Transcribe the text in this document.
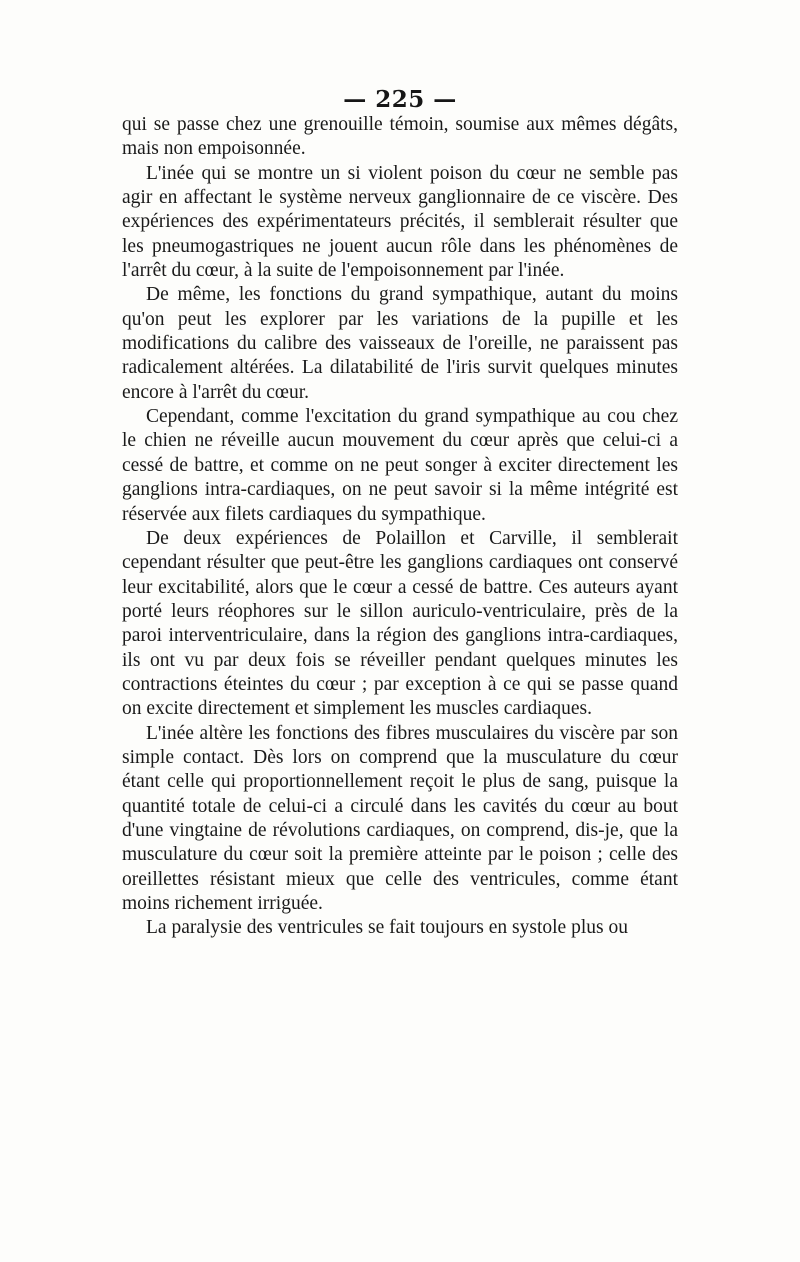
— 225 —

qui se passe chez une grenouille témoin, soumise aux mêmes dégâts, mais non empoisonnée.

L'inée qui se montre un si violent poison du cœur ne semble pas agir en affectant le système nerveux ganglionnaire de ce viscère. Des expériences des expérimentateurs précités, il semblerait résulter que les pneumogastriques ne jouent aucun rôle dans les phénomènes de l'arrêt du cœur, à la suite de l'empoisonnement par l'inée.

De même, les fonctions du grand sympathique, autant du moins qu'on peut les explorer par les variations de la pupille et les modifications du calibre des vaisseaux de l'oreille, ne paraissent pas radicalement altérées. La dilatabilité de l'iris survit quelques minutes encore à l'arrêt du cœur.

Cependant, comme l'excitation du grand sympathique au cou chez le chien ne réveille aucun mouvement du cœur après que celui-ci a cessé de battre, et comme on ne peut songer à exciter directement les ganglions intra-cardiaques, on ne peut savoir si la même intégrité est réservée aux filets cardiaques du sympathique.

De deux expériences de Polaillon et Carville, il semblerait cependant résulter que peut-être les ganglions cardiaques ont conservé leur excitabilité, alors que le cœur a cessé de battre. Ces auteurs ayant porté leurs réophores sur le sillon auriculo-ventriculaire, près de la paroi interventriculaire, dans la région des ganglions intra-cardiaques, ils ont vu par deux fois se réveiller pendant quelques minutes les contractions éteintes du cœur ; par exception à ce qui se passe quand on excite directement et simplement les muscles cardiaques.

L'inée altère les fonctions des fibres musculaires du viscère par son simple contact. Dès lors on comprend que la musculature du cœur étant celle qui proportionnellement reçoit le plus de sang, puisque la quantité totale de celui-ci a circulé dans les cavités du cœur au bout d'une vingtaine de révolutions cardiaques, on comprend, dis-je, que la musculature du cœur soit la première atteinte par le poison ; celle des oreillettes résistant mieux que celle des ventricules, comme étant moins richement irriguée.

La paralysie des ventricules se fait toujours en systole plus ou
